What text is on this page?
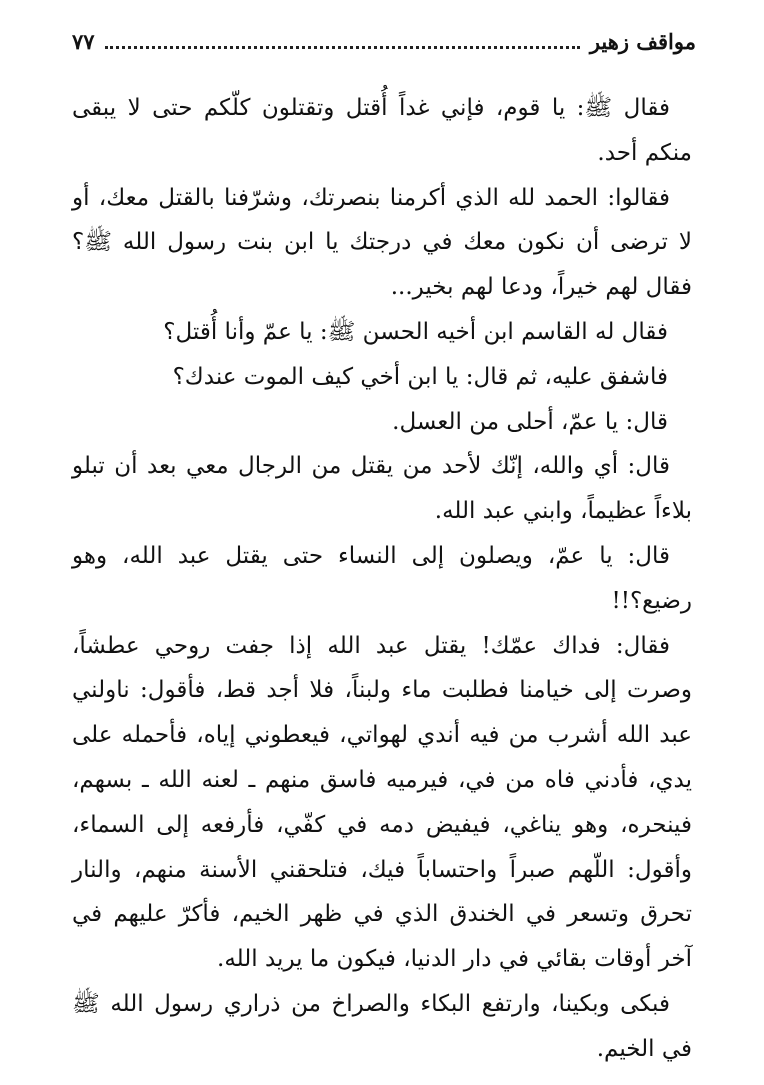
مواقف زهير
٧٧

فقال ﷺ: يا قوم، فإني غداً أُقتل وتقتلون كلّكم حتى لا يبقى منكم أحد.

فقالوا: الحمد لله الذي أكرمنا بنصرتك، وشرّفنا بالقتل معك، أو لا ترضى أن نكون معك في درجتك يا ابن بنت رسول الله ﷺ؟ فقال لهم خيراً، ودعا لهم بخير...

فقال له القاسم ابن أخيه الحسن ﷺ: يا عمّ وأنا أُقتل؟

فاشفق عليه، ثم قال: يا ابن أخي كيف الموت عندك؟

قال: يا عمّ، أحلى من العسل.

قال: أي والله، إنّك لأحد من يقتل من الرجال معي بعد أن تبلو بلاءاً عظيماً، وابني عبد الله.

قال: يا عمّ، ويصلون إلى النساء حتى يقتل عبد الله، وهو رضيع؟!!

فقال: فداك عمّك! يقتل عبد الله إذا جفت روحي عطشاً، وصرت إلى خيامنا فطلبت ماء ولبناً، فلا أجد قط، فأقول: ناولني عبد الله أشرب من فيه أندي لهواتي، فيعطوني إياه، فأحمله على يدي، فأدني فاه من في، فيرميه فاسق منهم ـ لعنه الله ـ بسهم، فينحره، وهو يناغي، فيفيض دمه في كفّي، فأرفعه إلى السماء، وأقول: اللّهم صبراً واحتساباً فيك، فتلحقني الأسنة منهم، والنار تحرق وتسعر في الخندق الذي في ظهر الخيم، فأكرّ عليهم في آخر أوقات بقائي في دار الدنيا، فيكون ما يريد الله.

فبكى وبكينا، وارتفع البكاء والصراخ من ذراري رسول الله ﷺ في الخيم.
